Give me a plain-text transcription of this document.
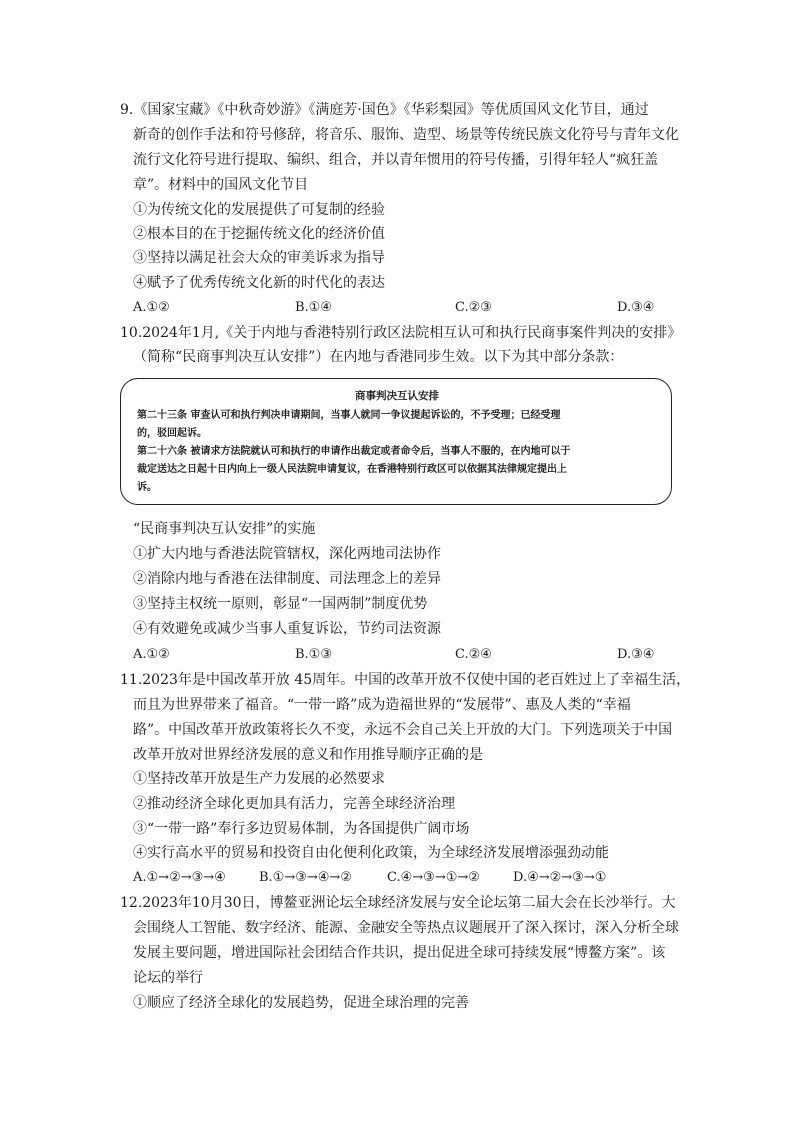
9.《国家宝藏》《中秋奇妙游》《满庭芳·国色》《华彩梨园》等优质国风文化节目，通过
新奇的创作手法和符号修辞，将音乐、服饰、造型、场景等传统民族文化符号与青年文化
流行文化符号进行提取、编织、组合，并以青年惯用的符号传播，引得年轻人“疯狂盖
章”。材料中的国风文化节目
①为传统文化的发展提供了可复制的经验
②根本目的在于挖掘传统文化的经济价值
③坚持以满足社会大众的审美诉求为指导
④赋予了优秀传统文化新的时代化的表达
A.①②	B.①④	C.②③	D.③④
10.2024年1月,《关于内地与香港特别行政区法院相互认可和执行民商事案件判决的安排》
（简称“民商事判决互认安排”）在内地与香港同步生效。以下为其中部分条款：
商事判决互认安排
第二十三条 审查认可和执行判决申请期间，当事人就同一争议提起诉讼的，不予受理；已经受理
的，驳回起诉。
第二十六条 被请求方法院就认可和执行的申请作出裁定或者命令后，当事人不服的，在内地可以于
裁定送达之日起十日内向上一级人民法院申请复议，在香港特别行政区可以依据其法律规定提出上
诉。
“民商事判决互认安排”的实施
①扩大内地与香港法院管辖权，深化两地司法协作
②消除内地与香港在法律制度、司法理念上的差异
③坚持主权统一原则，彰显“一国两制”制度优势
④有效避免或减少当事人重复诉讼，节约司法资源
A.①②	B.①③	C.②④	D.③④
11.2023年是中国改革开放 45周年。中国的改革开放不仅使中国的老百姓过上了幸福生活，
而且为世界带来了福音。“一带一路”成为造福世界的“发展带”、惠及人类的“幸福
路”。中国改革开放政策将长久不变，永远不会自己关上开放的大门。下列选项关于中国
改革开放对世界经济发展的意义和作用推导顺序正确的是
①坚持改革开放是生产力发展的必然要求
②推动经济全球化更加具有活力，完善全球经济治理
③“一带一路”奉行多边贸易体制，为各国提供广阔市场
④实行高水平的贸易和投资自由化便利化政策，为全球经济发展增添强劲动能
A.①→②→③→④	B.①→③→④→②	C.④→③→①→②	D.④→②→③→①
12.2023年10月30日，博鳌亚洲论坛全球经济发展与安全论坛第二届大会在长沙举行。大
会围绕人工智能、数字经济、能源、金融安全等热点议题展开了深入探讨，深入分析全球
发展主要问题，增进国际社会团结合作共识，提出促进全球可持续发展“博鳌方案”。该
论坛的举行
①顺应了经济全球化的发展趋势，促进全球治理的完善
